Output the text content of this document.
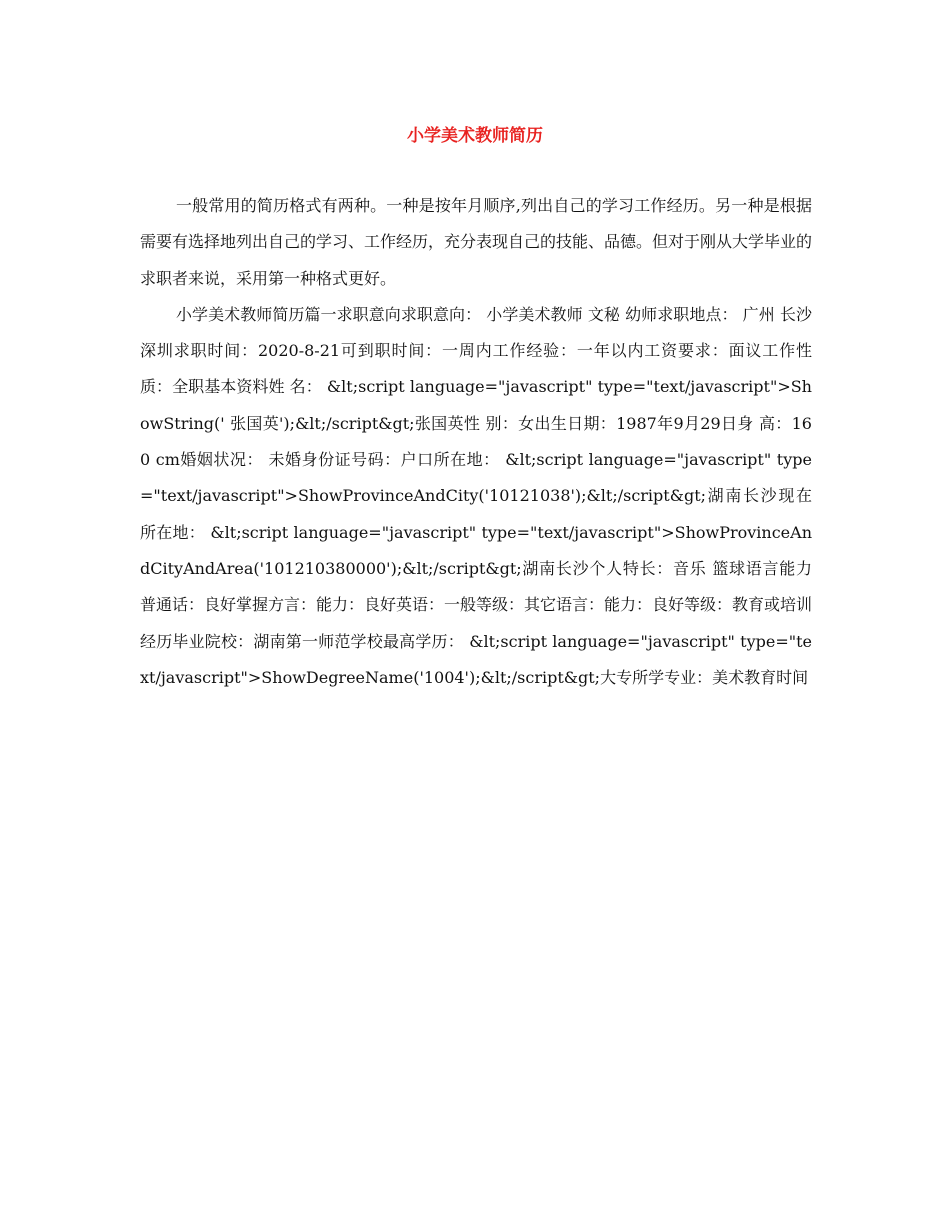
小学美术教师简历

一般常用的简历格式有两种。一种是按年月顺序,列出自己的学习工作经历。另一种是根据需要有选择地列出自己的学习、工作经历，充分表现自己的技能、品德。但对于刚从大学毕业的求职者来说，采用第一种格式更好。

小学美术教师简历篇一求职意向求职意向： 小学美术教师 文秘 幼师求职地点： 广州 长沙 深圳求职时间：2020-8-21可到职时间：一周内工作经验：一年以内工资要求：面议工作性质：全职基本资料姓 名： &lt;script language="javascript" type="text/javascript">ShowString(' 张国英');&lt;/script&gt;张国英性 别：女出生日期：1987年9月29日身 高：160 cm婚姻状况： 未婚身份证号码：户口所在地： &lt;script language="javascript" type="text/javascript">ShowProvinceAndCity('10121038');&lt;/script&gt;湖南长沙现在所在地： &lt;script language="javascript" type="text/javascript">ShowProvinceAndCityAndArea('101210380000');&lt;/script&gt;湖南长沙个人特长：音乐 篮球语言能力普通话：良好掌握方言：能力：良好英语：一般等级：其它语言：能力：良好等级：教育或培训经历毕业院校：湖南第一师范学校最高学历： &lt;script language="javascript" type="text/javascript">ShowDegreeName('1004');&lt;/script&gt;大专所学专业：美术教育时间
